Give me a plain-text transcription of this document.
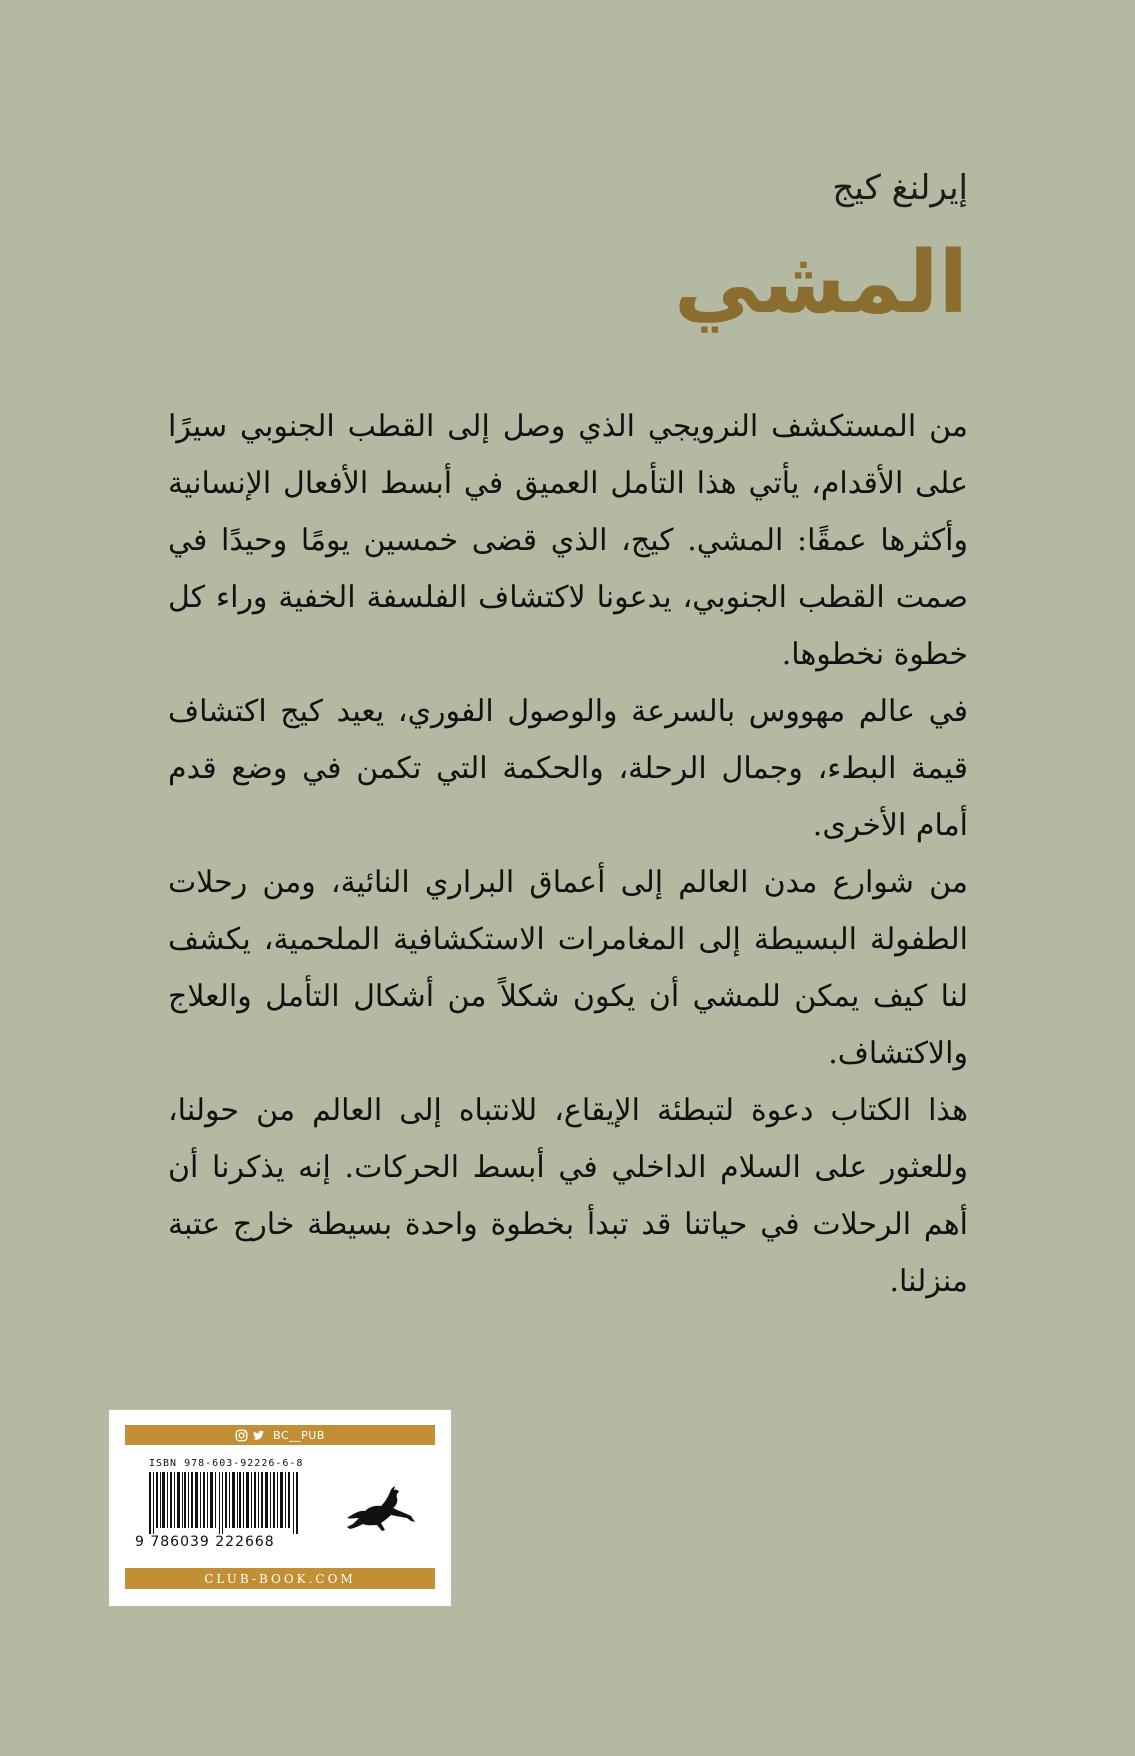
إيرلنغ كيج
المشي

من المستكشف النرويجي الذي وصل إلى القطب الجنوبي سيرًا على الأقدام، يأتي هذا التأمل العميق في أبسط الأفعال الإنسانية وأكثرها عمقًا: المشي. كيج، الذي قضى خمسين يومًا وحيدًا في صمت القطب الجنوبي، يدعونا لاكتشاف الفلسفة الخفية وراء كل خطوة نخطوها.

في عالم مهووس بالسرعة والوصول الفوري، يعيد كيج اكتشاف قيمة البطء، وجمال الرحلة، والحكمة التي تكمن في وضع قدم أمام الأخرى.

من شوارع مدن العالم إلى أعماق البراري النائية، ومن رحلات الطفولة البسيطة إلى المغامرات الاستكشافية الملحمية، يكشف لنا كيف يمكن للمشي أن يكون شكلاً من أشكال التأمل والعلاج والاكتشاف.

هذا الكتاب دعوة لتبطئة الإيقاع، للانتباه إلى العالم من حولنا، وللعثور على السلام الداخلي في أبسط الحركات. إنه يذكرنا أن أهم الرحلات في حياتنا قد تبدأ بخطوة واحدة بسيطة خارج عتبة منزلنا.

BC__PUB
ISBN 978-603-92226-6-8
9 786039 222668
CLUB-BOOK.COM
